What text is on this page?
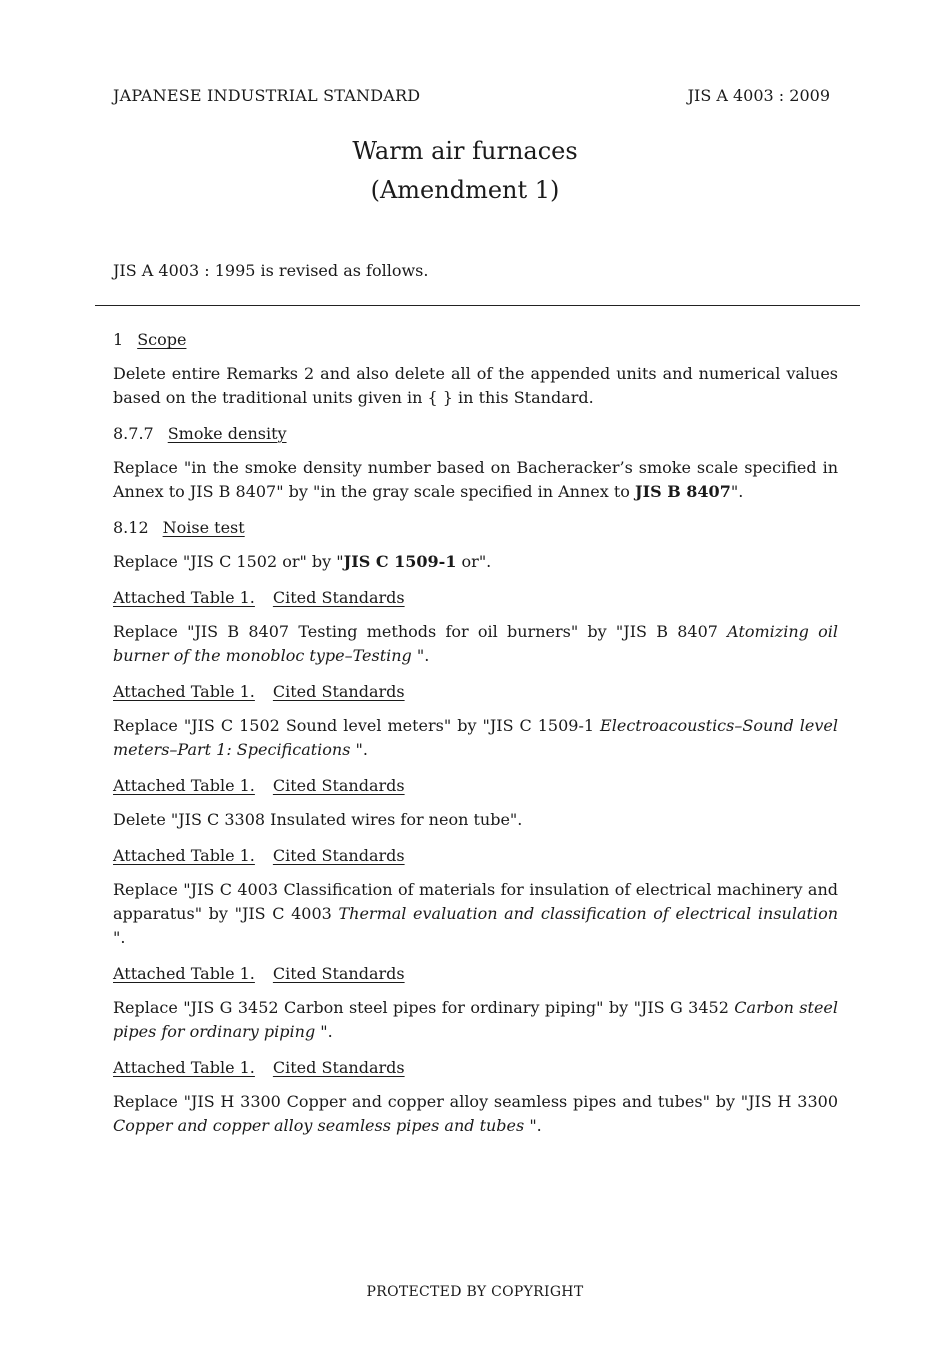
JAPANESE INDUSTRIAL STANDARD	JIS A 4003 : 2009
Warm air furnaces
(Amendment 1)
JIS A 4003 : 1995 is revised as follows.
1 Scope

Delete entire Remarks 2 and also delete all of the appended units and numerical values based on the traditional units given in { } in this Standard.

8.7.7 Smoke density

Replace "in the smoke density number based on Bacheracker’s smoke scale specified in Annex to JIS B 8407" by "in the gray scale specified in Annex to JIS B 8407".

8.12 Noise test

Replace "JIS C 1502 or" by "JIS C 1509-1 or".

Attached Table 1. Cited Standards

Replace "JIS B 8407 Testing methods for oil burners" by "JIS B 8407 Atomizing oil burner of the monobloc type–Testing ".

Attached Table 1. Cited Standards

Replace "JIS C 1502 Sound level meters" by "JIS C 1509-1 Electroacoustics–Sound level meters–Part 1: Specifications ".

Attached Table 1. Cited Standards

Delete "JIS C 3308 Insulated wires for neon tube".

Attached Table 1. Cited Standards

Replace "JIS C 4003 Classification of materials for insulation of electrical machinery and apparatus" by "JIS C 4003 Thermal evaluation and classification of electrical insulation ".

Attached Table 1. Cited Standards

Replace "JIS G 3452 Carbon steel pipes for ordinary piping" by "JIS G 3452 Carbon steel pipes for ordinary piping ".

Attached Table 1. Cited Standards

Replace "JIS H 3300 Copper and copper alloy seamless pipes and tubes" by "JIS H 3300 Copper and copper alloy seamless pipes and tubes ".

PROTECTED BY COPYRIGHT
